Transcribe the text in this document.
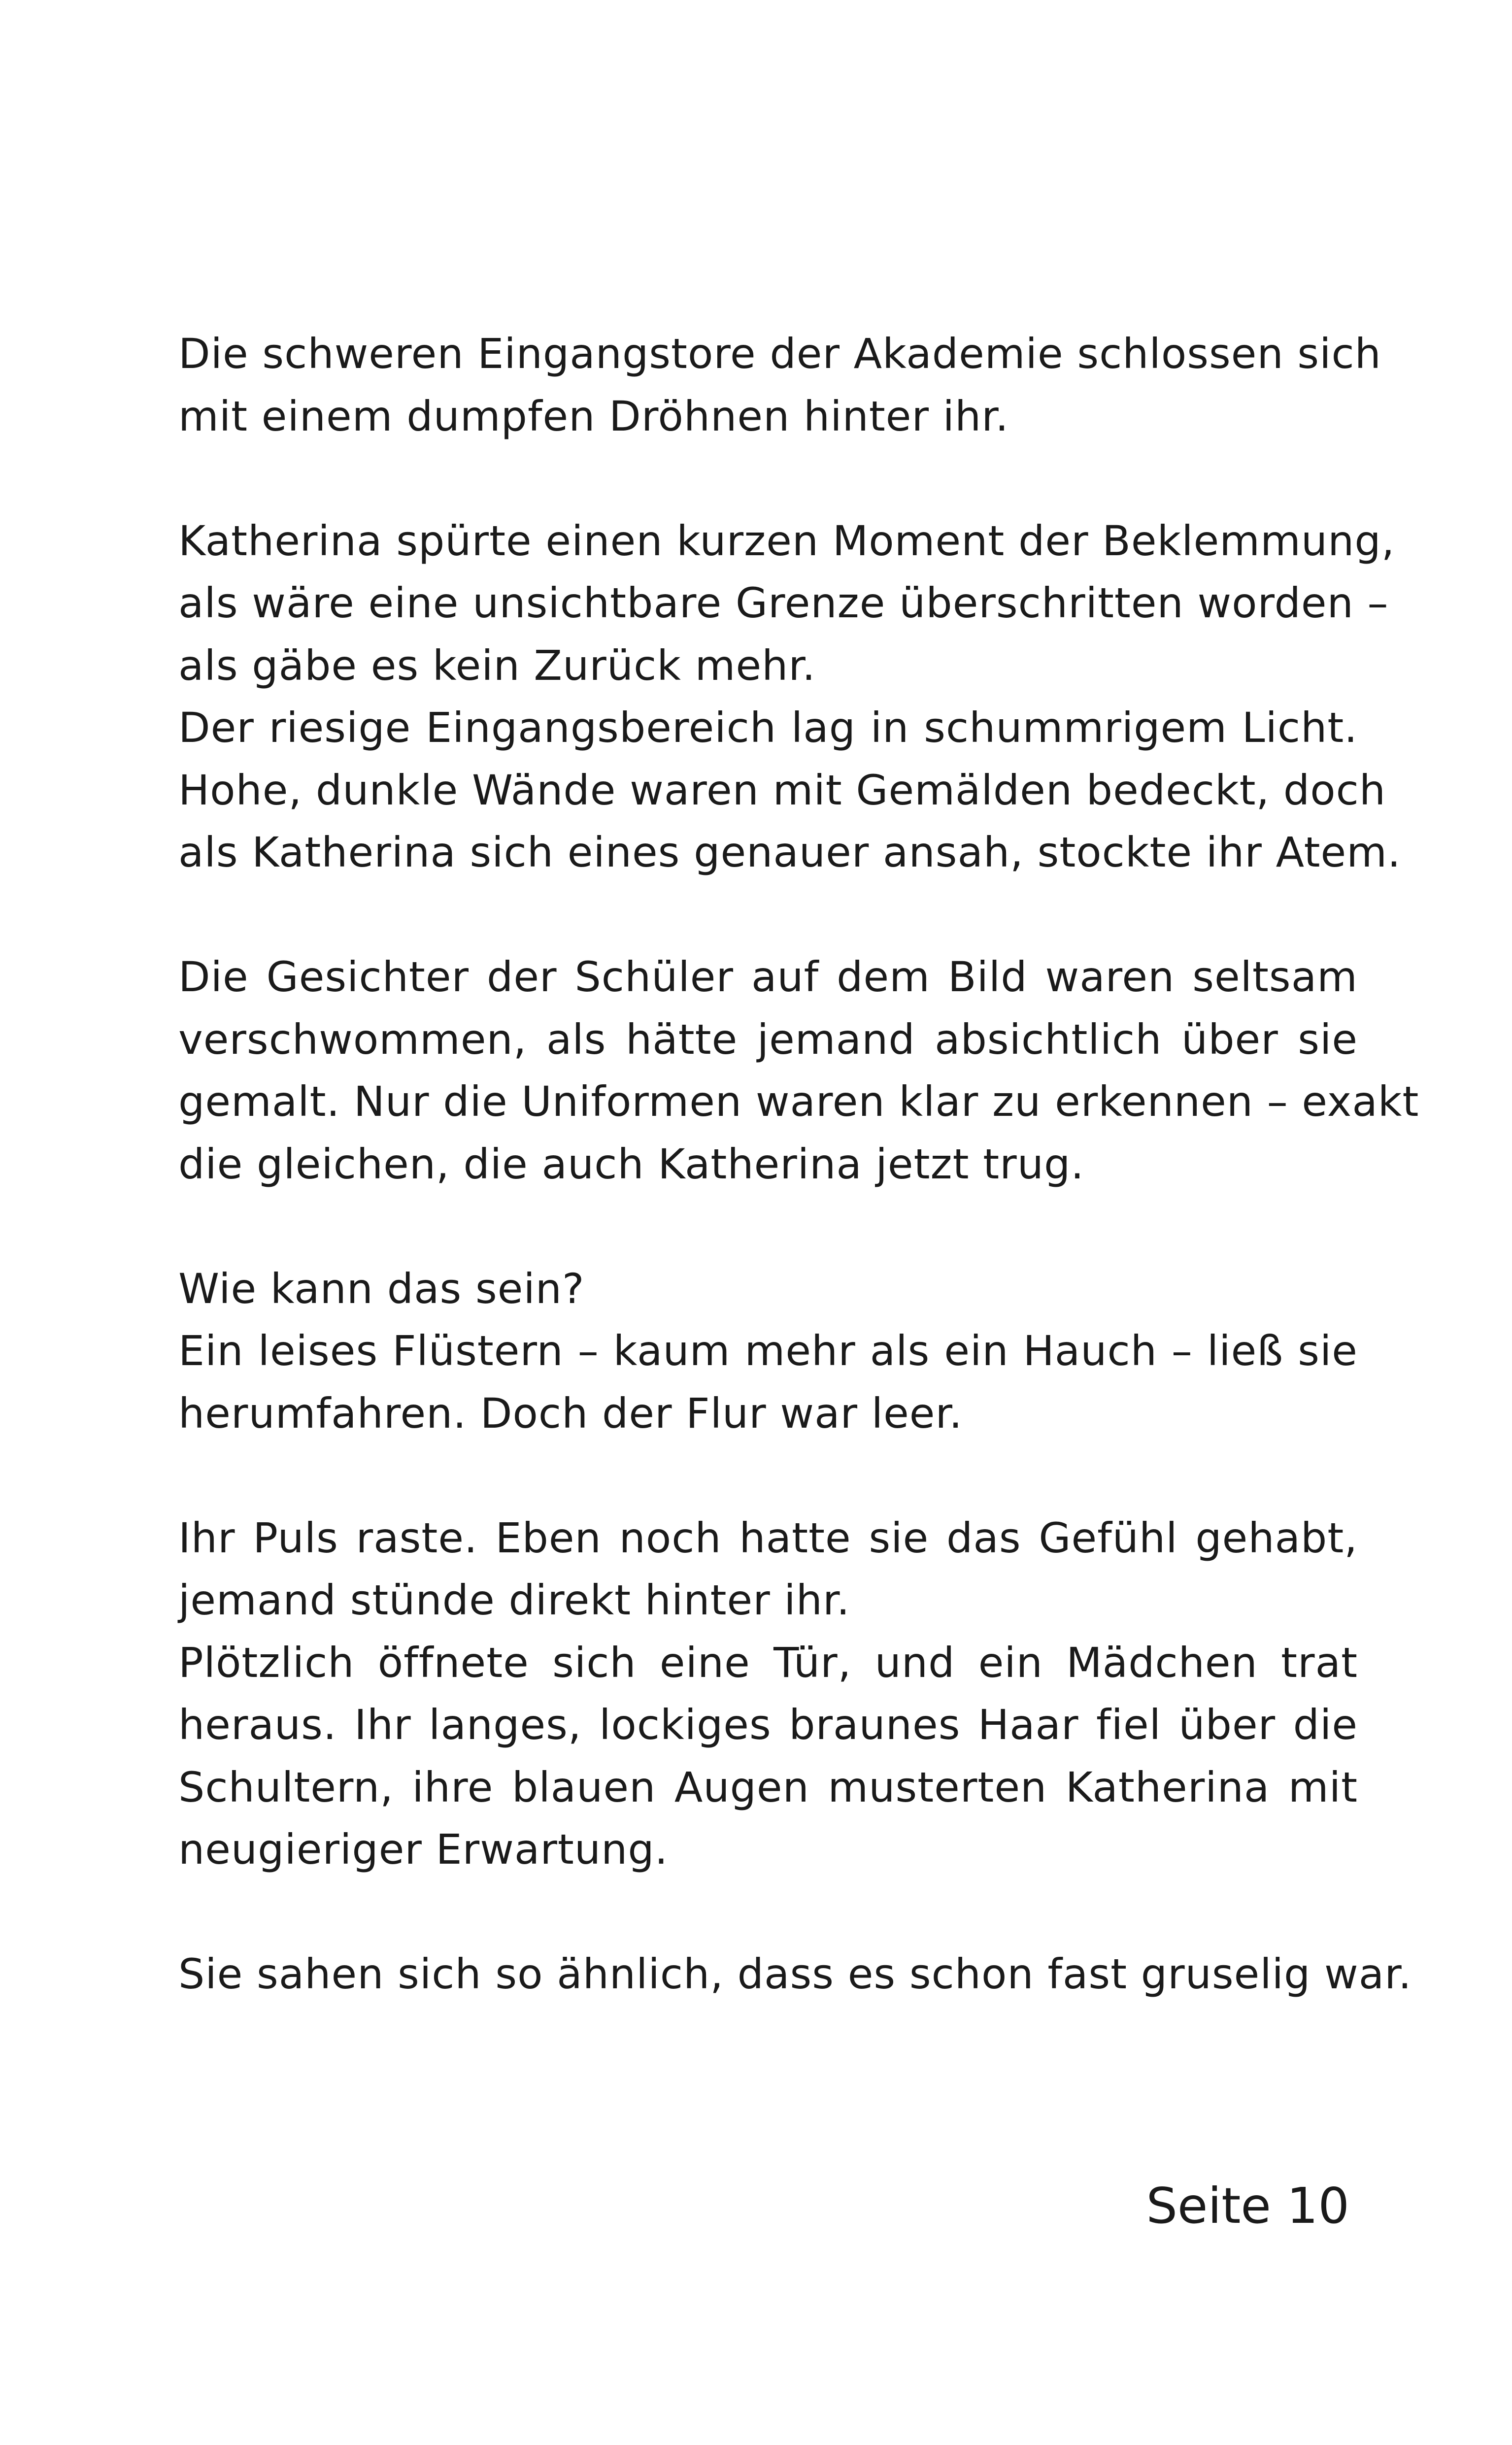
Die schweren Eingangstore der Akademie schlossen sich
mit einem dumpfen Dröhnen hinter ihr.
Katherina spürte einen kurzen Moment der Beklemmung,
als wäre eine unsichtbare Grenze überschritten worden –
als gäbe es kein Zurück mehr.
Der riesige Eingangsbereich lag in schummrigem Licht.
Hohe, dunkle Wände waren mit Gemälden bedeckt, doch
als Katherina sich eines genauer ansah, stockte ihr Atem.
Die Gesichter der Schüler auf dem Bild waren seltsam
verschwommen, als hätte jemand absichtlich über sie
gemalt. Nur die Uniformen waren klar zu erkennen – exakt
die gleichen, die auch Katherina jetzt trug.
Wie kann das sein?
Ein leises Flüstern – kaum mehr als ein Hauch – ließ sie
herumfahren. Doch der Flur war leer.
Ihr Puls raste. Eben noch hatte sie das Gefühl gehabt,
jemand stünde direkt hinter ihr.
Plötzlich öffnete sich eine Tür, und ein Mädchen trat
heraus. Ihr langes, lockiges braunes Haar fiel über die
Schultern, ihre blauen Augen musterten Katherina mit
neugieriger Erwartung.
Sie sahen sich so ähnlich, dass es schon fast gruselig war.
Seite 10
